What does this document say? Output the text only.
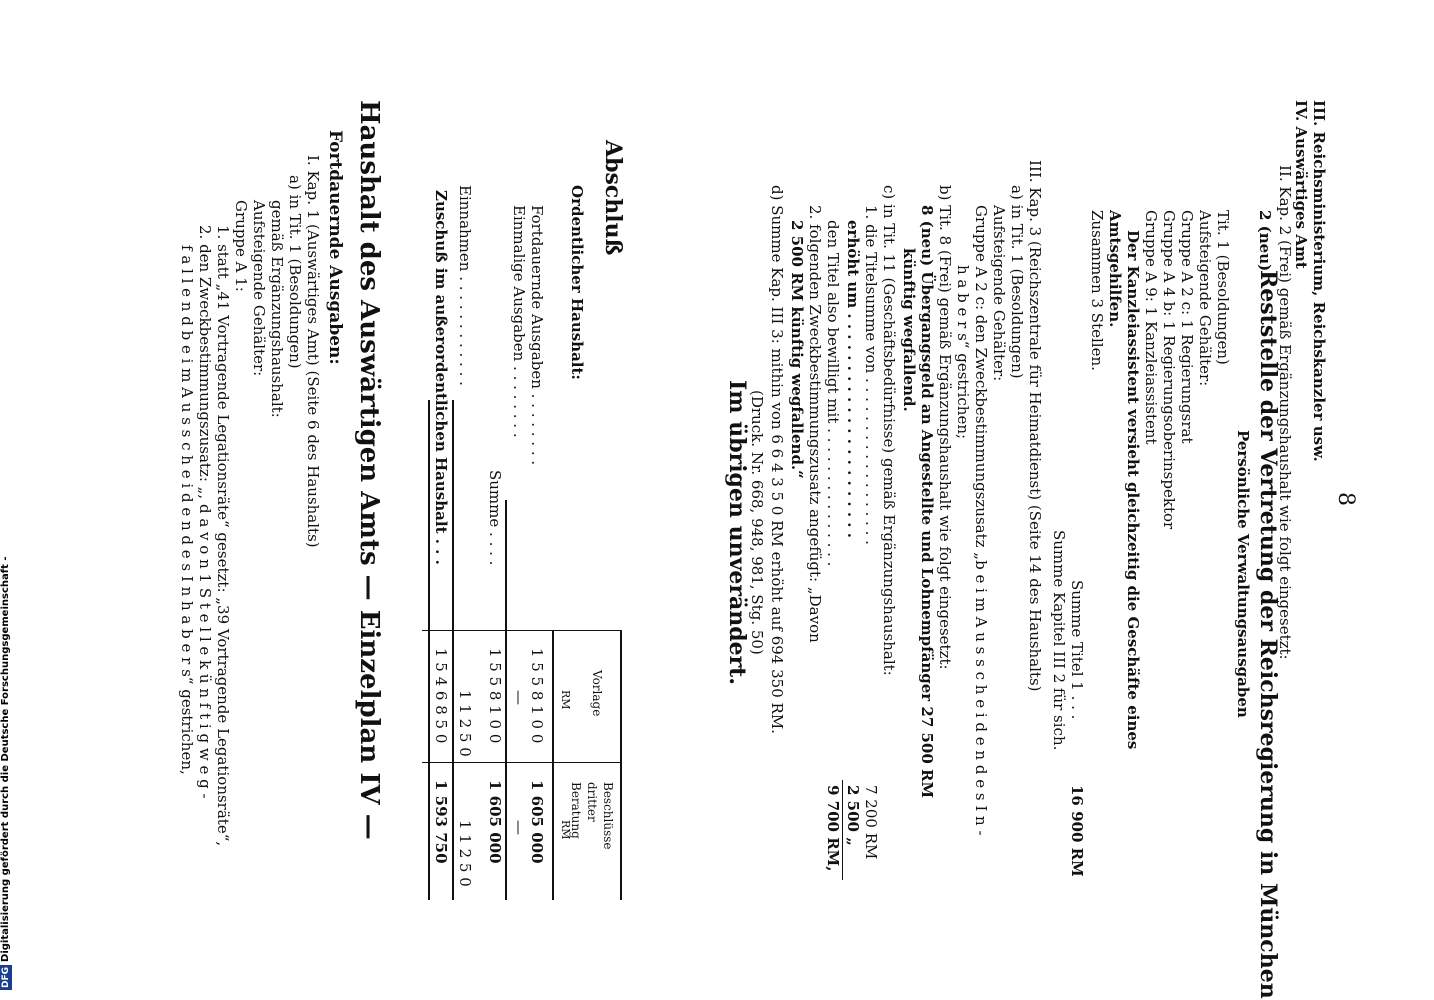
8
III. Reichsministerium, Reichskanzler usw.
IV. Auswärtiges Amt
II. Kap. 2 (Frei) gemäß Ergänzungshaushalt wie folgt eingesetzt:
2 (neu)
Reststelle der Vertretung der Reichsregierung in München
Persönliche Verwaltungsausgaben
Tit. 1 (Besoldungen)
Aufsteigende Gehälter:
Gruppe A 2 c: 1 Regierungsrat
Gruppe A 4 b: 1 Regierungsoberinspektor
Gruppe A 9: 1 Kanzleiassistent
Der Kanzleiassistent versieht gleichzeitig die Geschäfte eines
Amtsgehilfen.
Zusammen 3 Stellen.
Summe Titel 1 . . .
16 900 RM
Summe Kapitel III 2 für sich.
III. Kap. 3 (Reichszentrale für Heimatdienst) (Seite 14 des Haushalts)
a) in Tit. 1 (Besoldungen)
Aufsteigende Gehälter:
Gruppe A 2 c: den Zweckbestimmungszusatz „b e i m A u s s c h e i d e n d e s I n -
h a b e r s“ gestrichen;
b) Tit. 8 (Frei) gemäß Ergänzungshaushalt wie folgt eingesetzt:
8 (neu) Übergangsgeld an Angestellte und Lohnempfänger 27 500 RM
künftig wegfallend.
c) in Tit. 11 (Geschäftsbedürfnisse) gemäß Ergänzungshaushalt:
1. die Titelsumme von . . . . . . . . . . . . . . . . . .
7 200 RM
erhöht um . . . . . . . . . . . . . . . . . . . . . .
2 500 „
den Titel also bewilligt mit . . . . . . . . . . . . . . .
9 700 RM,
2. folgenden Zweckbestimmungszusatz angefügt: „Davon
2 500 RM künftig wegfallend.“
d) Summe Kap. III 3: mithin von 6 6 4 3 5 0 RM erhöht auf 694 350 RM.
(Druck. Nr. 668, 948, 981, Stg. 50)
Im übrigen unverändert.
Abschluß
Ordentlicher Haushalt:
Vorlage
Beschlüsse dritter Beratung
RM
RM
Fortdauernde Ausgaben . . . . . . . .
1 5 5 8 1 0 0
1 605 000
Einmalige Ausgaben . . . . . . . .
—
—
Summe . . . .
1 5 5 8 1 0 0
1 605 000
Einnahmen . . . . . . . . . . . .
1 1 2 5 0
1 1 2 5 0
Zuschuß im außerordentlichen Haushalt . . .
1 5 4 6 8 5 0
1 593 750
Haushalt des Auswärtigen Amts — Einzelplan IV —
Fortdauernde Ausgaben:
I. Kap. 1 (Auswärtiges Amt) (Seite 6 des Haushalts)
a) in Tit. 1 (Besoldungen)
gemäß Ergänzungshaushalt:
Aufsteigende Gehälter:
Gruppe A 1:
1. statt „41 Vortragende Legationsräte“ gesetzt: „39 Vortragende Legationsräte“,
2. den Zweckbestimmungszusatz: „, d a v o n 1 S t e l l e k ü n f t i g w e g -
f a l l e n d b e i m A u s s c h e i d e n d e s I n h a b e r s“ gestrichen,
DFGDigitalisierung gefördert durch die Deutsche Forschungsgemeinschaft -
